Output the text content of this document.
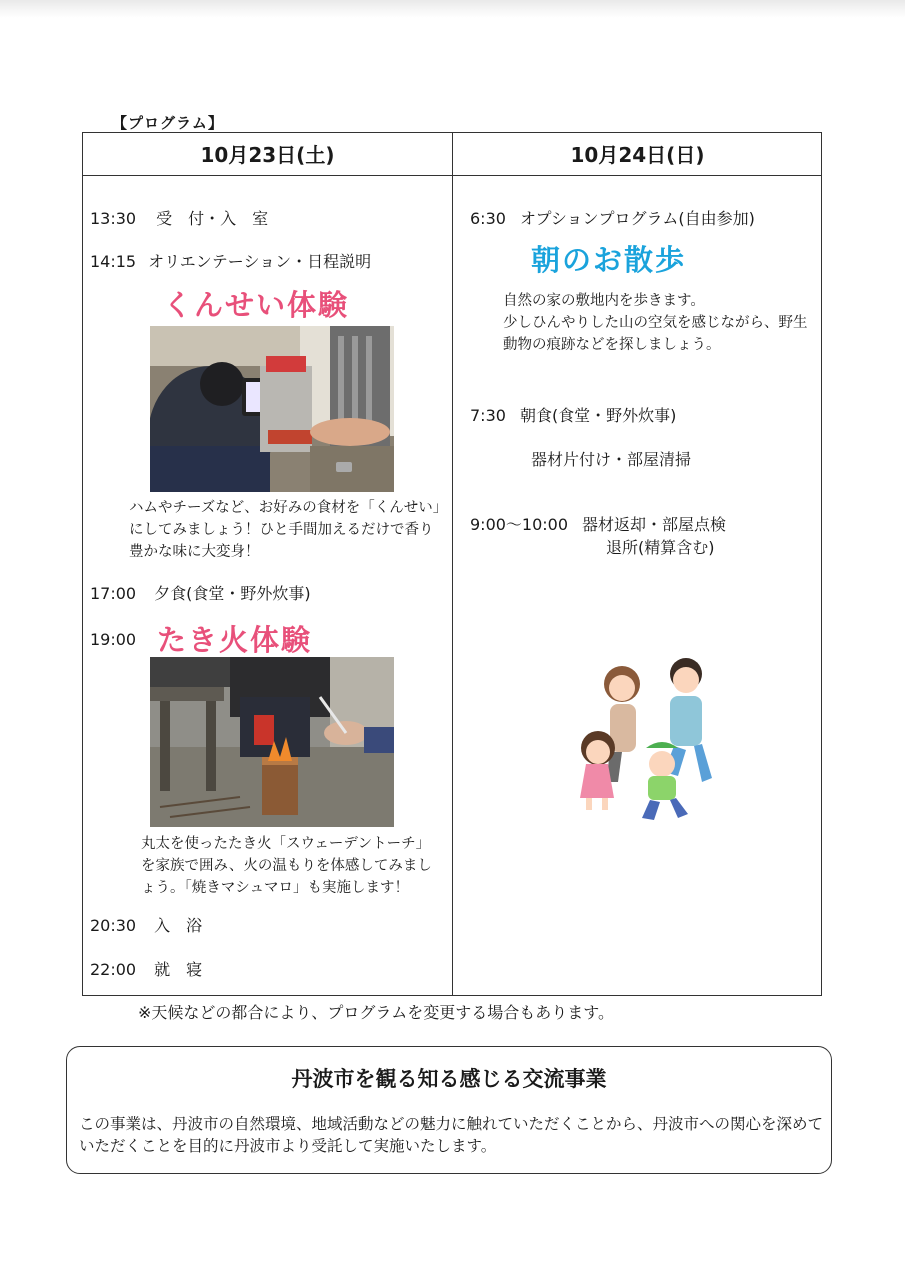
【プログラム】
10月23日(土)	10月24日(日)
13:30 受　付・入　室
14:15 オリエンテーション・日程説明
くんせい体験
ハムやチーズなど、お好みの食材を「くんせい」にしてみましょう！ひと手間加えるだけで香り豊かな味に大変身！
17:00 夕食(食堂・野外炊事)
19:00 たき火体験
丸太を使ったたき火「スウェーデントーチ」を家族で囲み、火の温もりを体感してみましょう。「焼きマシュマロ」も実施します！
20:30 入　浴
22:00 就　寝
6:30 オプションプログラム(自由参加)
朝のお散歩
自然の家の敷地内を歩きます。
少しひんやりした山の空気を感じながら、野生
動物の痕跡などを探しましょう。
7:30 朝食(食堂・野外炊事)
器材片付け・部屋清掃
9:00〜10:00 器材返却・部屋点検
退所(精算含む)
※天候などの都合により、プログラムを変更する場合もあります。
丹波市を観る知る感じる交流事業
この事業は、丹波市の自然環境、地域活動などの魅力に触れていただくことから、丹波市への関心を深めていただくことを目的に丹波市より受託して実施いたします。
